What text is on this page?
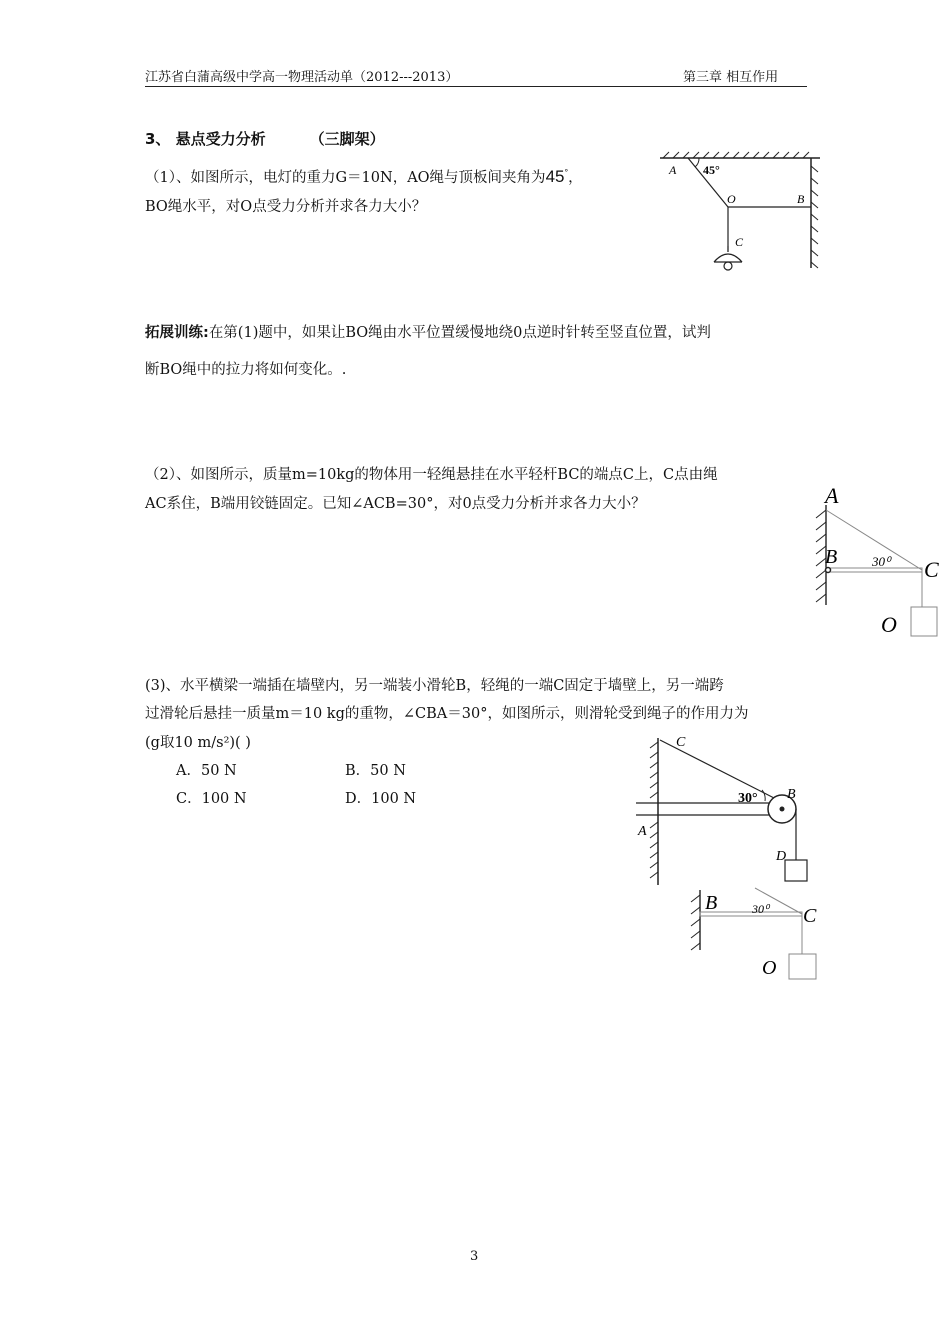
江苏省白蒲高级中学高一物理活动单（2012---2013）	第三章 相互作用
3、 悬点受力分析	（三脚架）
（1）、如图所示，电灯的重力G＝10N，AO绳与顶板间夹角为45°，
BO绳水平，对O点受力分析并求各力大小？
A 45°
O	B
C
拓展训练:在第(1)题中，如果让BO绳由水平位置缓慢地绕0点逆时针转至竖直位置，试判
断BO绳中的拉力将如何变化。.
（2）、如图所示，质量m=10kg的物体用一轻绳悬挂在水平轻杆BC的端点C上，C点由绳
AC系住，B端用铰链固定。已知∠ACB=30°，对0点受力分析并求各力大小？	A
B	30⁰ C
O
(3)、水平横梁一端插在墙壁内，另一端装小滑轮B，轻绳的一端C固定于墙壁上，另一端跨
过滑轮后悬挂一质量m＝10 kg的重物，∠CBA＝30°，如图所示，则滑轮受到绳子的作用力为
(g取10 m/s²)( )
A．50 N	B．50 N
C．100 N	D．100 N
C
B
30°
A
D
B	30⁰ C
O
3
